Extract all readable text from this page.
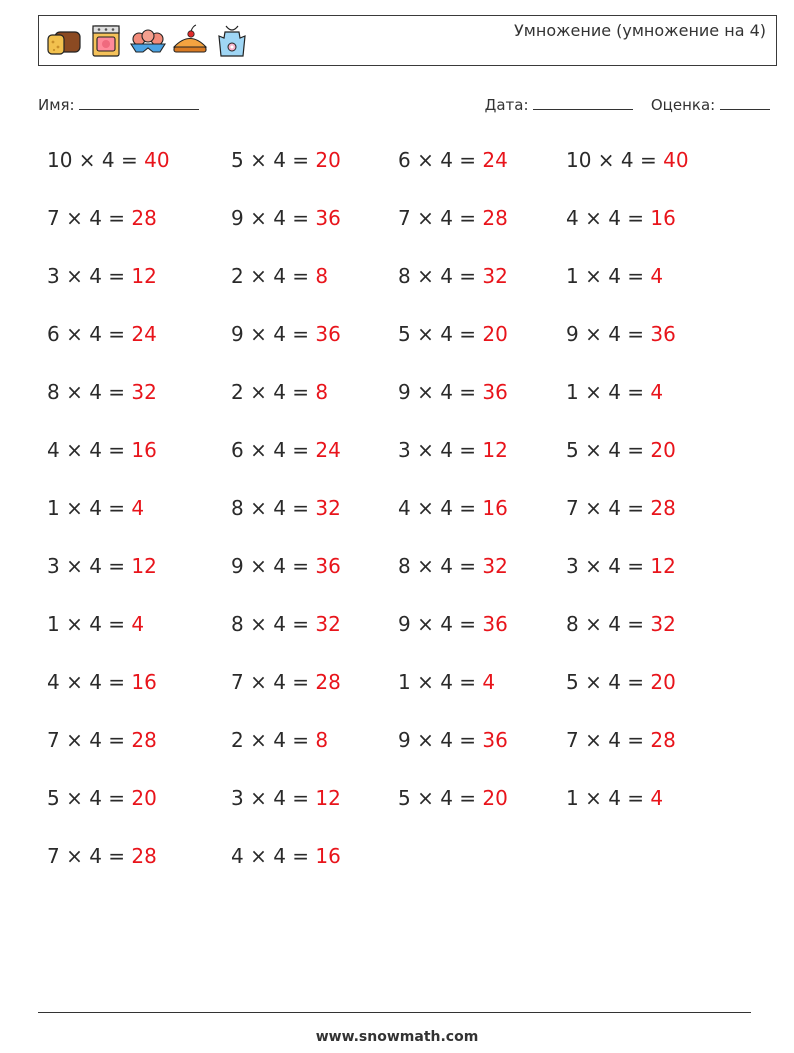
Умножение (умножение на 4)
Имя:	Дата:	Оценка:
10 × 4 = 40
7 × 4 = 28
3 × 4 = 12
6 × 4 = 24
8 × 4 = 32
4 × 4 = 16
1 × 4 = 4
3 × 4 = 12
1 × 4 = 4
4 × 4 = 16
7 × 4 = 28
5 × 4 = 20
7 × 4 = 28
5 × 4 = 20
9 × 4 = 36
2 × 4 = 8
9 × 4 = 36
2 × 4 = 8
6 × 4 = 24
8 × 4 = 32
9 × 4 = 36
8 × 4 = 32
7 × 4 = 28
2 × 4 = 8
3 × 4 = 12
4 × 4 = 16
6 × 4 = 24
7 × 4 = 28
8 × 4 = 32
5 × 4 = 20
9 × 4 = 36
3 × 4 = 12
4 × 4 = 16
8 × 4 = 32
9 × 4 = 36
1 × 4 = 4
9 × 4 = 36
5 × 4 = 20
10 × 4 = 40
4 × 4 = 16
1 × 4 = 4
9 × 4 = 36
1 × 4 = 4
5 × 4 = 20
7 × 4 = 28
3 × 4 = 12
8 × 4 = 32
5 × 4 = 20
7 × 4 = 28
1 × 4 = 4
www.snowmath.com
